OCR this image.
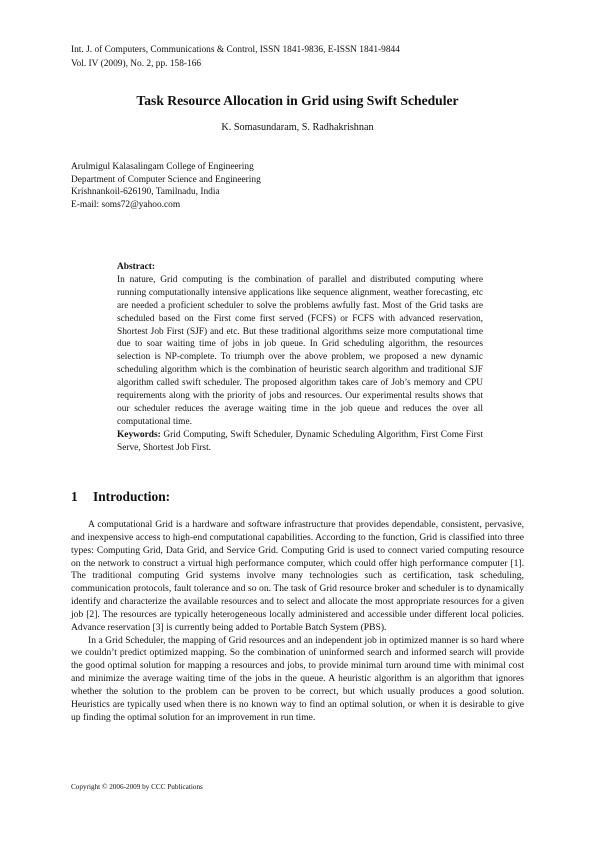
Int. J. of Computers, Communications & Control, ISSN 1841-9836, E-ISSN 1841-9844
Vol. IV (2009), No. 2, pp. 158-166
Task Resource Allocation in Grid using Swift Scheduler
K. Somasundaram, S. Radhakrishnan
Arulmigul Kalasalingam College of Engineering
Department of Computer Science and Engineering
Krishnankoil-626190, Tamilnadu, India
E-mail: soms72@yahoo.com
Abstract:
In nature, Grid computing is the combination of parallel and distributed computing where running computationally intensive applications like sequence alignment, weather forecasting, etc are needed a proficient scheduler to solve the problems awfully fast. Most of the Grid tasks are scheduled based on the First come first served (FCFS) or FCFS with advanced reservation, Shortest Job First (SJF) and etc. But these traditional algorithms seize more computational time due to soar waiting time of jobs in job queue. In Grid scheduling algorithm, the resources selection is NP-complete. To triumph over the above problem, we proposed a new dynamic scheduling algorithm which is the combination of heuristic search algorithm and traditional SJF algorithm called swift scheduler. The proposed algorithm takes care of Job’s memory and CPU requirements along with the priority of jobs and resources. Our experimental results shows that our scheduler reduces the average waiting time in the job queue and reduces the over all computational time.
Keywords: Grid Computing, Swift Scheduler, Dynamic Scheduling Algorithm, First Come First Serve, Shortest Job First.
1 Introduction:

A computational Grid is a hardware and software infrastructure that provides dependable, consistent, pervasive, and inexpensive access to high-end computational capabilities. According to the function, Grid is classified into three types: Computing Grid, Data Grid, and Service Grid. Computing Grid is used to connect varied computing resource on the network to construct a virtual high performance computer, which could offer high performance computer [1]. The traditional computing Grid systems involve many technologies such as certification, task scheduling, communication protocols, fault tolerance and so on. The task of Grid resource broker and scheduler is to dynamically identify and characterize the available resources and to select and allocate the most appropriate resources for a given job [2]. The resources are typically heterogeneous locally administered and accessible under different local policies. Advance reservation [3] is currently being added to Portable Batch System (PBS).

In a Grid Scheduler, the mapping of Grid resources and an independent job in optimized manner is so hard where we couldn’t predict optimized mapping. So the combination of uninformed search and informed search will provide the good optimal solution for mapping a resources and jobs, to provide minimal turn around time with minimal cost and minimize the average waiting time of the jobs in the queue. A heuristic algorithm is an algorithm that ignores whether the solution to the problem can be proven to be correct, but which usually produces a good solution. Heuristics are typically used when there is no known way to find an optimal solution, or when it is desirable to give up finding the optimal solution for an improvement in run time.

Copyright © 2006-2009 by CCC Publications
